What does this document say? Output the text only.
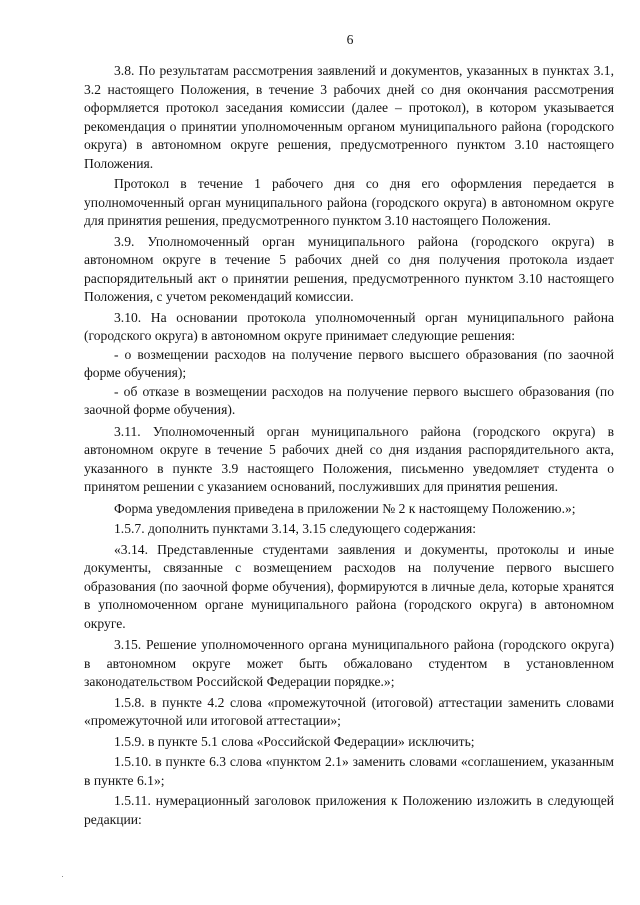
6

3.8. По результатам рассмотрения заявлений и документов, указанных в пунктах 3.1, 3.2 настоящего Положения, в течение 3 рабочих дней со дня окончания рассмотрения оформляется протокол заседания комиссии (далее – протокол), в котором указывается рекомендация о принятии уполномоченным органом муниципального района (городского округа) в автономном округе решения, предусмотренного пунктом 3.10 настоящего Положения.

Протокол в течение 1 рабочего дня со дня его оформления передается в уполномоченный орган муниципального района (городского округа) в автономном округе для принятия решения, предусмотренного пунктом 3.10 настоящего Положения.

3.9. Уполномоченный орган муниципального района (городского округа) в автономном округе в течение 5 рабочих дней со дня получения протокола издает распорядительный акт о принятии решения, предусмотренного пунктом 3.10 настоящего Положения, с учетом рекомендаций комиссии.

3.10. На основании протокола уполномоченный орган муниципального района (городского округа) в автономном округе принимает следующие решения:

- о возмещении расходов на получение первого высшего образования (по заочной форме обучения);

- об отказе в возмещении расходов на получение первого высшего образования (по заочной форме обучения).

3.11. Уполномоченный орган муниципального района (городского округа) в автономном округе в течение 5 рабочих дней со дня издания распорядительного акта, указанного в пункте 3.9 настоящего Положения, письменно уведомляет студента о принятом решении с указанием оснований, послуживших для принятия решения.

Форма уведомления приведена в приложении № 2 к настоящему Положению.»;

1.5.7. дополнить пунктами 3.14, 3.15 следующего содержания:

«3.14. Представленные студентами заявления и документы, протоколы и иные документы, связанные с возмещением расходов на получение первого высшего образования (по заочной форме обучения), формируются в личные дела, которые хранятся в уполномоченном органе муниципального района (городского округа) в автономном округе.

3.15. Решение уполномоченного органа муниципального района (городского округа) в автономном округе может быть обжаловано студентом в установленном законодательством Российской Федерации порядке.»;

1.5.8. в пункте 4.2 слова «промежуточной (итоговой) аттестации заменить словами «промежуточной или итоговой аттестации»;

1.5.9. в пункте 5.1 слова «Российской Федерации» исключить;

1.5.10. в пункте 6.3 слова «пунктом 2.1» заменить словами «соглашением, указанным в пункте 6.1»;

1.5.11. нумерационный заголовок приложения к Положению изложить в следующей редакции:
